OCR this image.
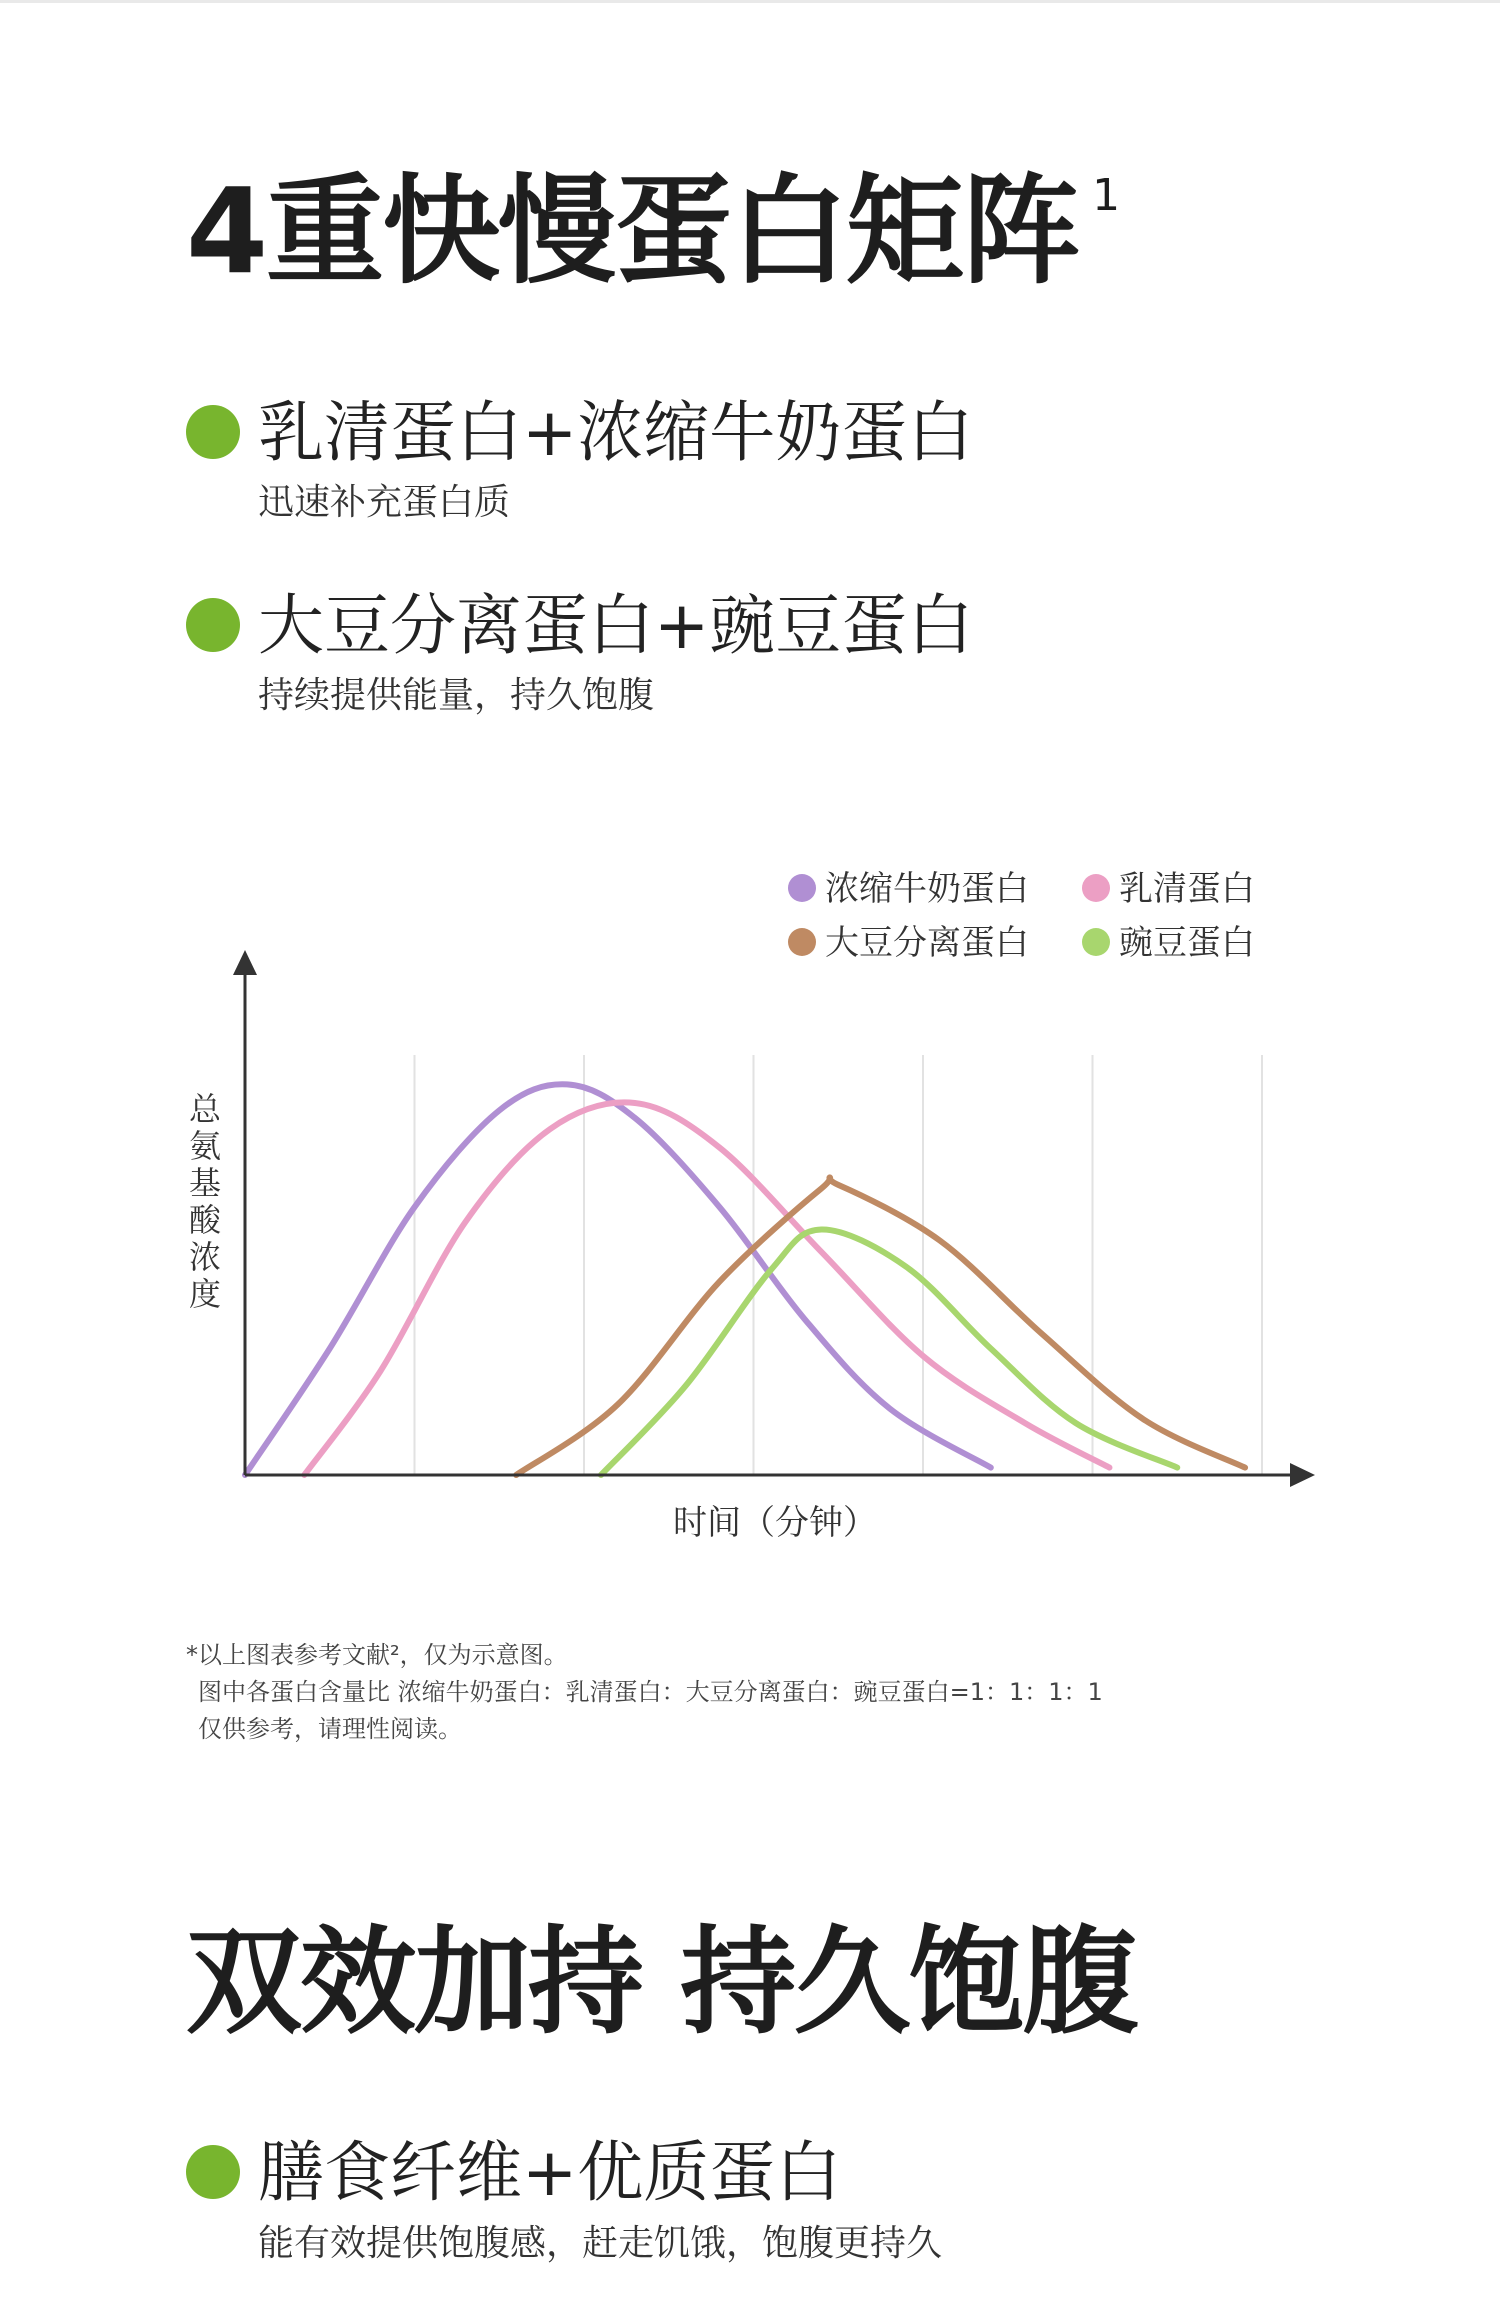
4重快慢蛋白矩阵 $^1$
乳清蛋白+浓缩牛奶蛋白
迅速补充蛋白质
大豆分离蛋白+豌豆蛋白
持续提供能量，持久饱腹
时间（分钟）
总
氨
基
酸
浓
度
浓缩牛奶蛋白	乳清蛋白
大豆分离蛋白	豌豆蛋白
*以上图表参考文献²，仅为示意图。
图中各蛋白含量比 浓缩牛奶蛋白：乳清蛋白：大豆分离蛋白：豌豆蛋白=1：1：1：1
仅供参考，请理性阅读。
双效加持 持久饱腹
膳食纤维+优质蛋白
能有效提供饱腹感，赶走饥饿，饱腹更持久
